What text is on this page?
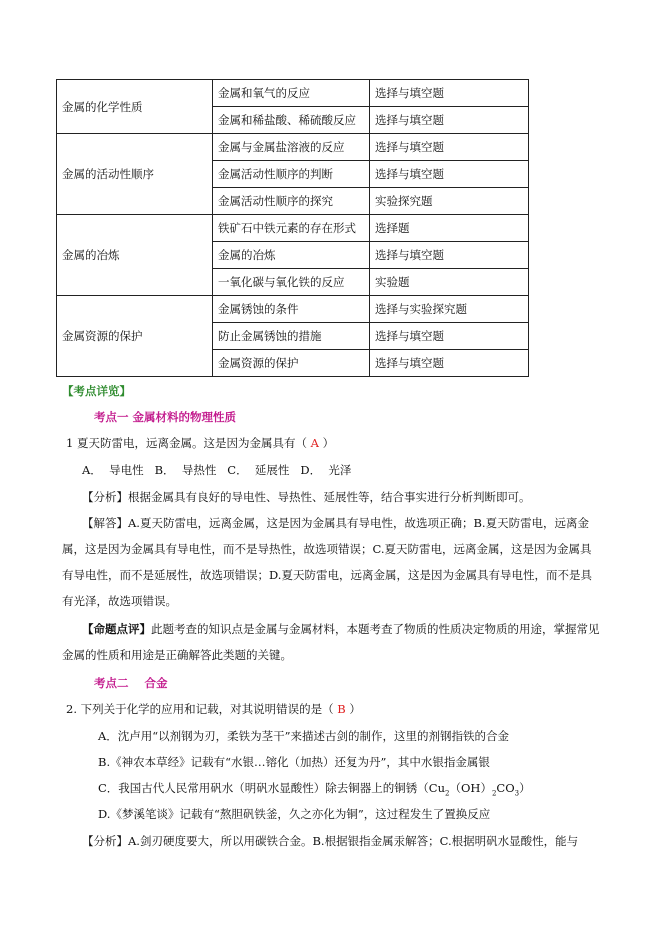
金属的化学性质	金属和氧气的反应	选择与填空题
	金属和稀盐酸、稀硫酸反应	选择与填空题
金属的活动性顺序	金属与金属盐溶液的反应	选择与填空题
	金属活动性顺序的判断	选择与填空题
	金属活动性顺序的探究	实验探究题
金属的冶炼	铁矿石中铁元素的存在形式	选择题
	金属的冶炼	选择与填空题
	一氧化碳与氧化铁的反应	实验题
金属资源的保护	金属锈蚀的条件	选择与实验探究题
	防止金属锈蚀的措施	选择与填空题
	金属资源的保护	选择与填空题
【考点详览】
考点一 金属材料的物理性质
1 夏天防雷电，远离金属。这是因为金属具有（ A ）
A．  导电性   B．  导热性   C．  延展性   D．  光泽
【分析】根据金属具有良好的导电性、导热性、延展性等，结合事实进行分析判断即可。
【解答】A.夏天防雷电，远离金属，这是因为金属具有导电性，故选项正确；B.夏天防雷电，远离金属，这是因为金属具有导电性，而不是导热性，故选项错误；C.夏天防雷电，远离金属，这是因为金属具有导电性，而不是延展性，故选项错误；D.夏天防雷电，远离金属，这是因为金属具有导电性，而不是具有光泽，故选项错误。
【命题点评】此题考查的知识点是金属与金属材料，本题考查了物质的性质决定物质的用途，掌握常见金属的性质和用途是正确解答此类题的关键。
考点二    合金
2. 下列关于化学的应用和记载，对其说明错误的是（ B ）
A．沈卢用“以剂钢为刃，柔铁为茎干”来描述古剑的制作，这里的剂钢指铁的合金
B.《神农本草经》记载有“水银…镕化（加热）还复为丹”，其中水银指金属银
C．我国古代人民常用矾水（明矾水显酸性）除去铜器上的铜锈$(Cu_2(OH)_2CO_3)$
D.《梦溪笔谈》记载有“熬胆矾铁釜，久之亦化为铜”，这过程发生了置换反应
【分析】A.剑刃硬度要大，所以用碳铁合金。B.根据银指金属汞解答；C.根据明矾水显酸性，能与
